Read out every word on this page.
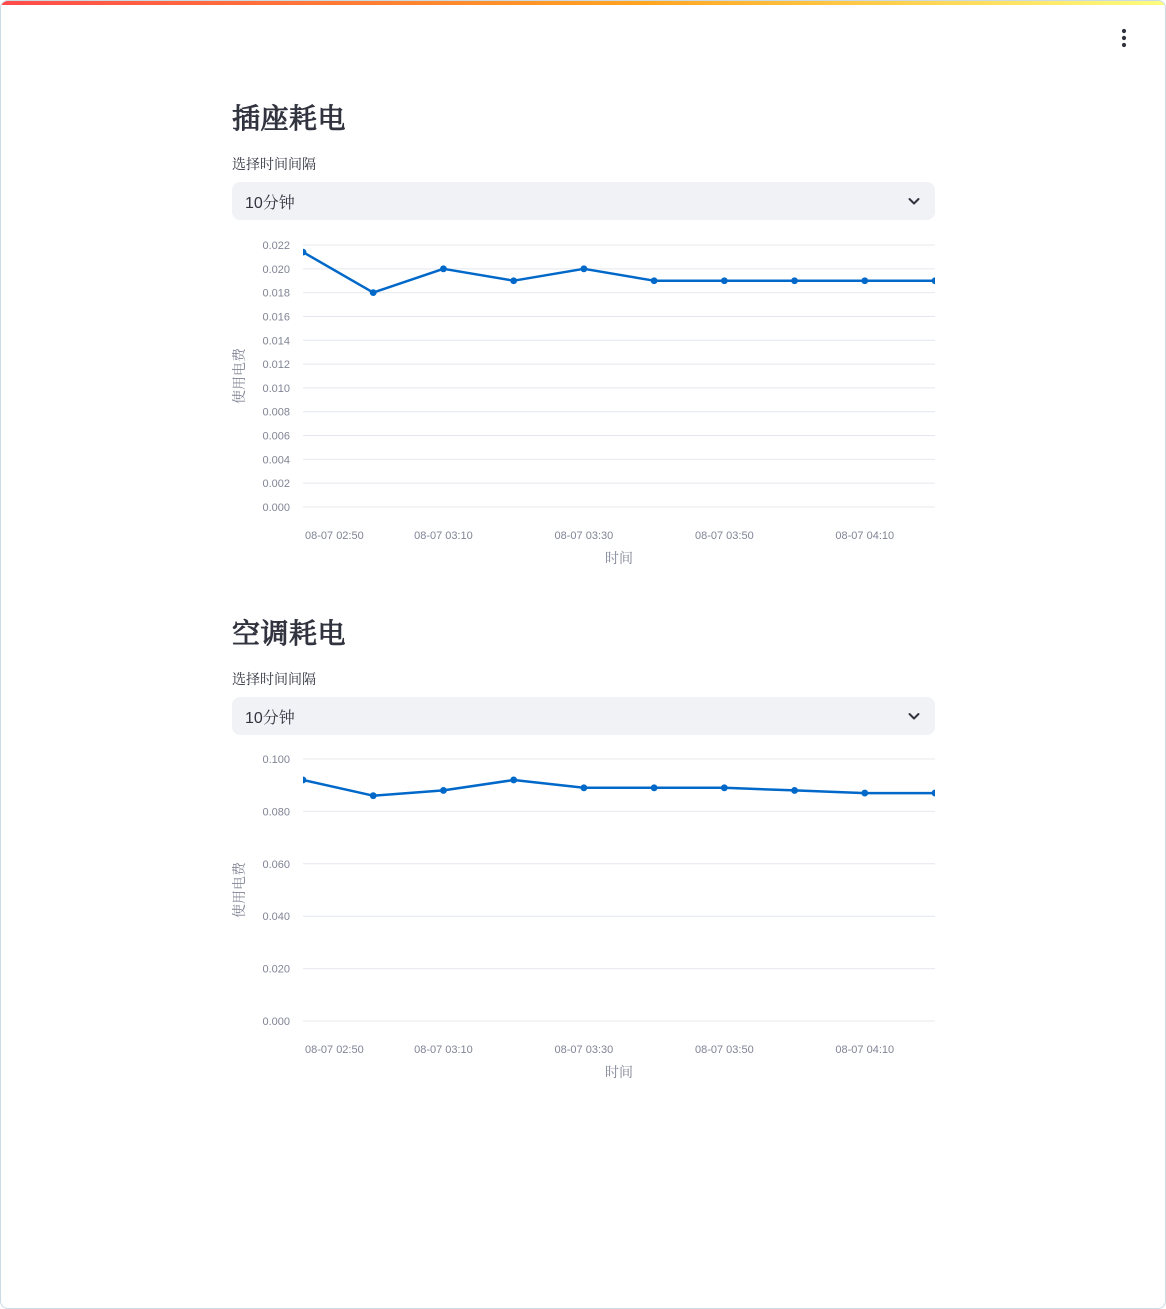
插座耗电
选择时间间隔
10分钟
0.000
0.002
0.004
0.006
0.008
0.010
0.012
0.014
0.016
0.018
0.020
0.022
08-07 02:50	08-07 03:10	08-07 03:30	08-07 03:50	08-07 04:10
时间
使用电费
空调耗电
选择时间间隔
10分钟
0.000
0.020
0.040
0.060
0.080
0.100
08-07 02:50	08-07 03:10	08-07 03:30	08-07 03:50	08-07 04:10
时间
使用电费
